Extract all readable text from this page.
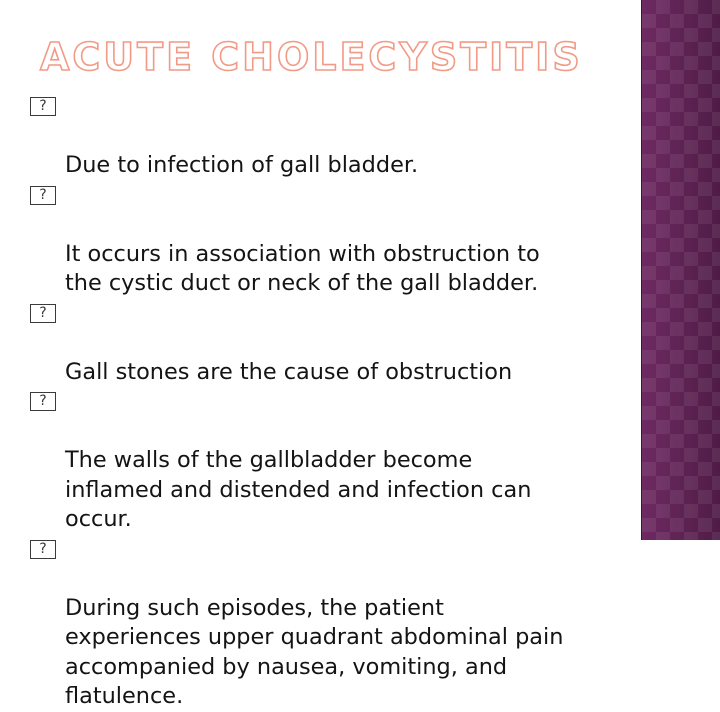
ACUTE CHOLECYSTITIS

?

Due to infection of gall bladder.

?

It occurs in association with obstruction to
the cystic duct or neck of the gall bladder.

?

Gall stones are the cause of obstruction

?

The walls of the gallbladder become
inflamed and distended and infection can
occur.

?

During such episodes, the patient
experiences upper quadrant abdominal pain
accompanied by nausea, vomiting, and
flatulence.
